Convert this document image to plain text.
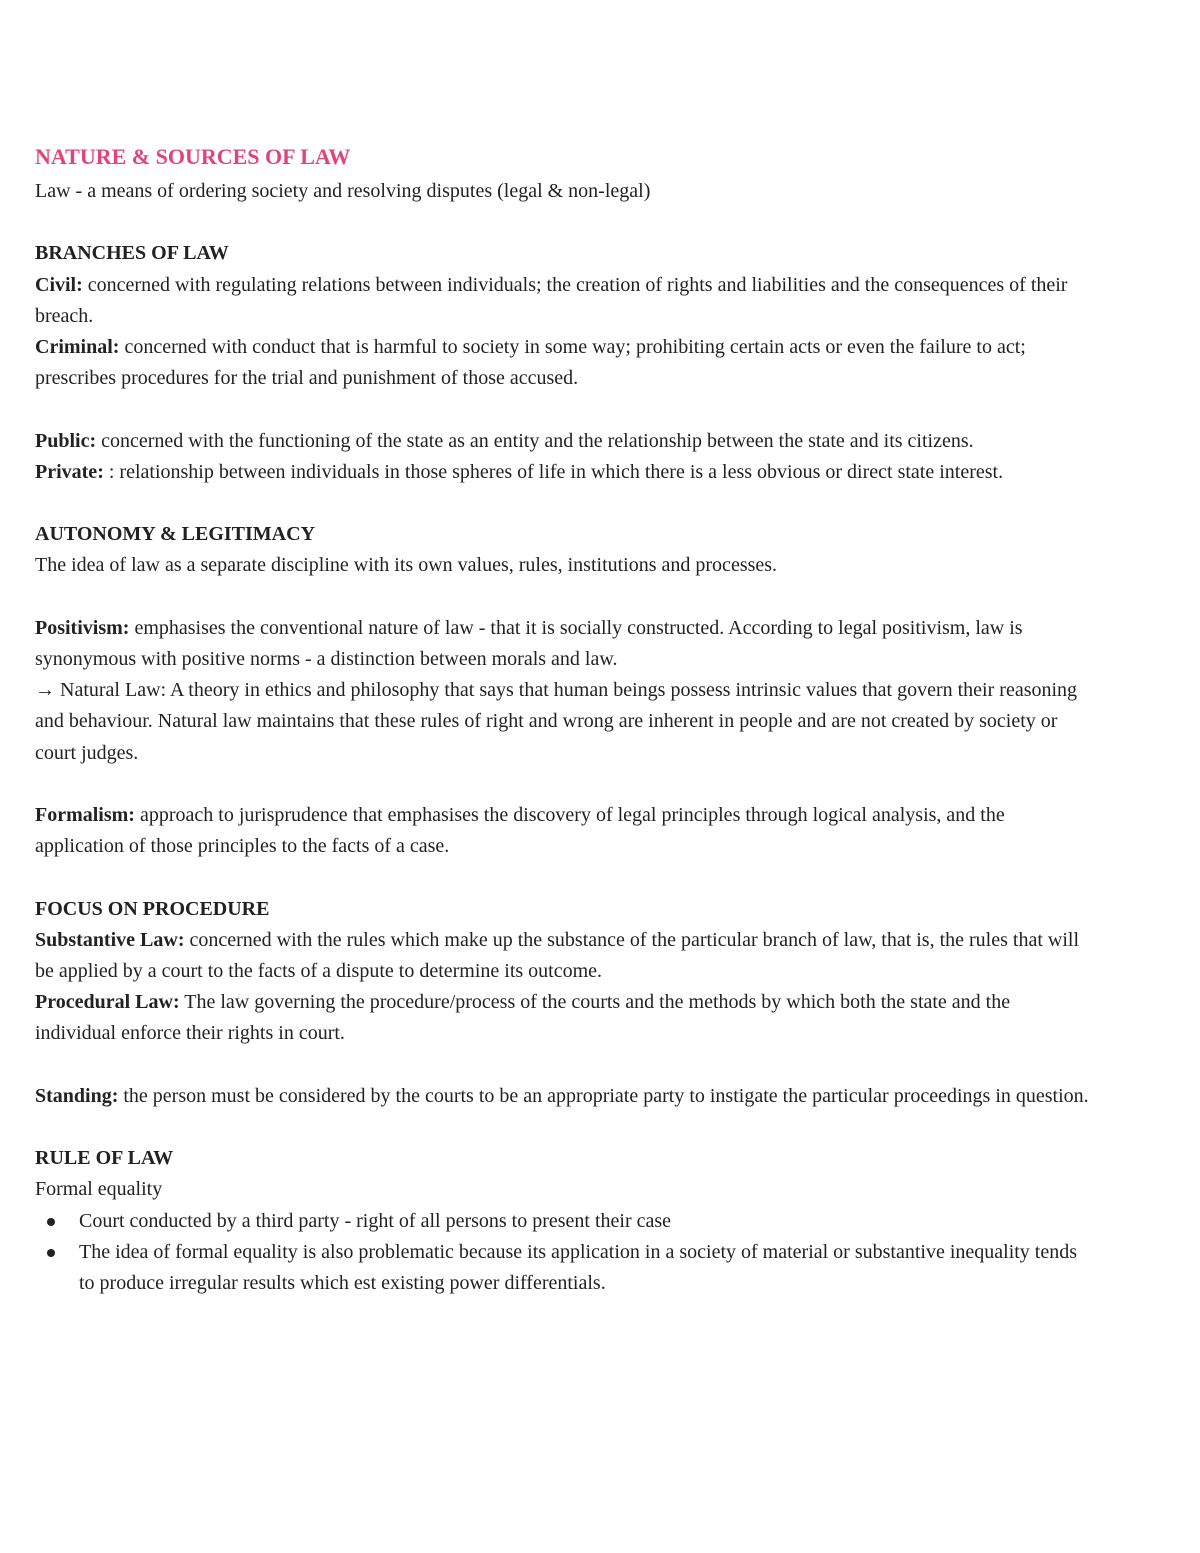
NATURE & SOURCES OF LAW

Law - a means of ordering society and resolving disputes (legal & non-legal)

BRANCHES OF LAW

Civil: concerned with regulating relations between individuals; the creation of rights and liabilities and the consequences of their breach.

Criminal: concerned with conduct that is harmful to society in some way; prohibiting certain acts or even the failure to act; prescribes procedures for the trial and punishment of those accused.

Public: concerned with the functioning of the state as an entity and the relationship between the state and its citizens.

Private: : relationship between individuals in those spheres of life in which there is a less obvious or direct state interest.

AUTONOMY & LEGITIMACY

The idea of law as a separate discipline with its own values, rules, institutions and processes.

Positivism: emphasises the conventional nature of law - that it is socially constructed. According to legal positivism, law is synonymous with positive norms - a distinction between morals and law.

→ Natural Law: A theory in ethics and philosophy that says that human beings possess intrinsic values that govern their reasoning and behaviour. Natural law maintains that these rules of right and wrong are inherent in people and are not created by society or court judges.

Formalism: approach to jurisprudence that emphasises the discovery of legal principles through logical analysis, and the application of those principles to the facts of a case.

FOCUS ON PROCEDURE

Substantive Law: concerned with the rules which make up the substance of the particular branch of law, that is, the rules that will be applied by a court to the facts of a dispute to determine its outcome.

Procedural Law: The law governing the procedure/process of the courts and the methods by which both the state and the individual enforce their rights in court.

Standing: the person must be considered by the courts to be an appropriate party to instigate the particular proceedings in question.

RULE OF LAW

Formal equality

Court conducted by a third party - right of all persons to present their case
The idea of formal equality is also problematic because its application in a society of material or substantive inequality tends to produce irregular results which est existing power differentials.
